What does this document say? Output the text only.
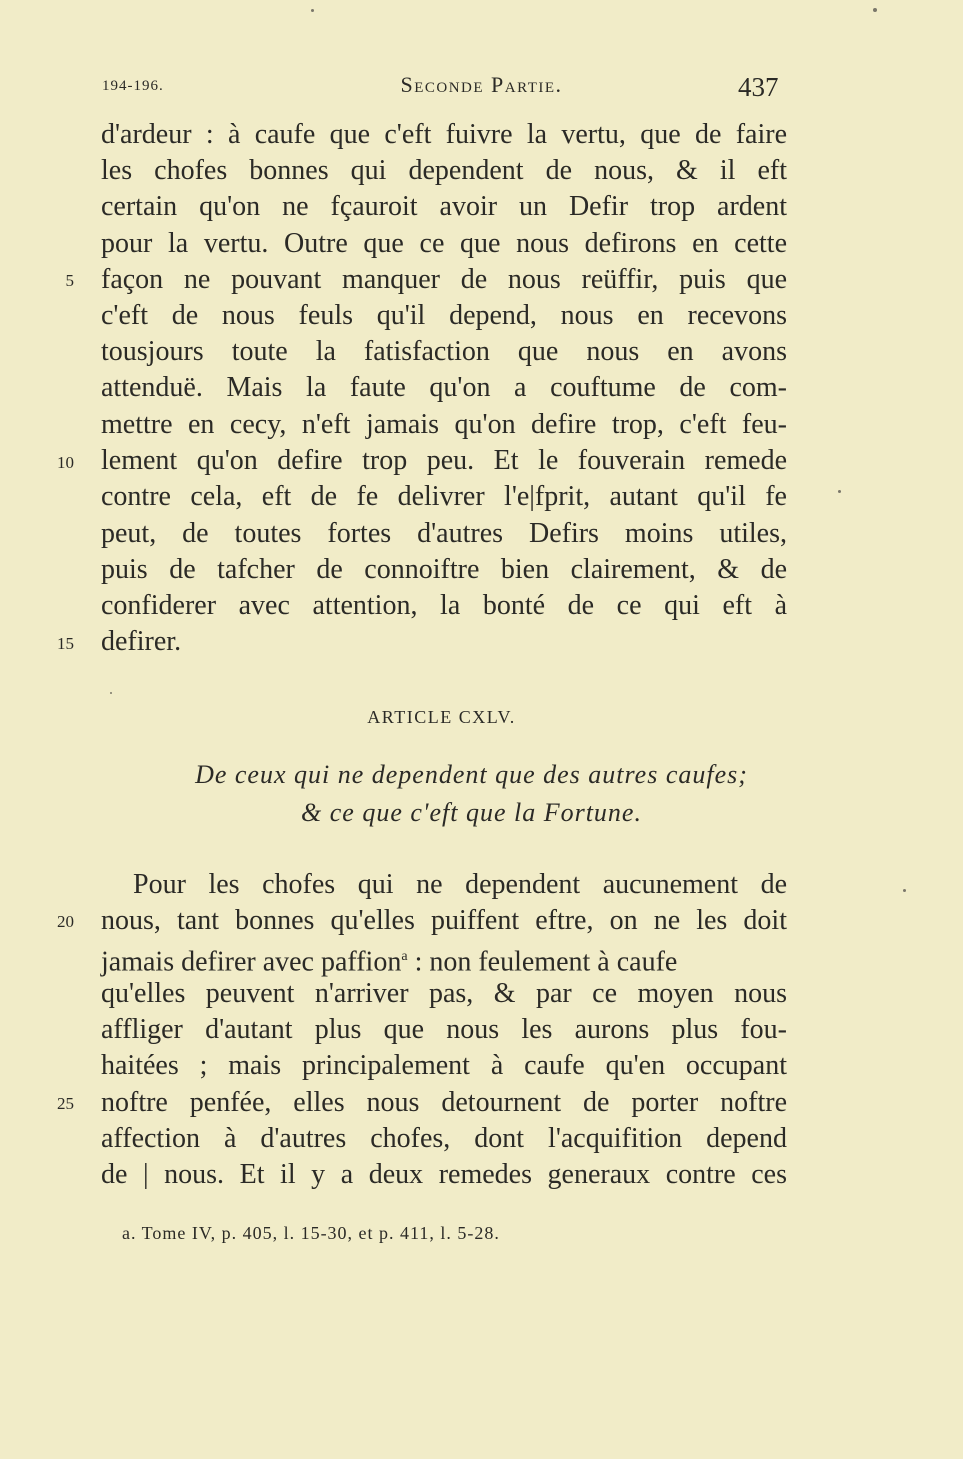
194-196.	Seconde Partie.	437
d'ardeur : à caufe que c'eft fuivre la vertu, que de faire
les chofes bonnes qui dependent de nous, & il eft
certain qu'on ne fçauroit avoir un Defir trop ardent
pour la vertu. Outre que ce que nous defirons en cette
façon ne pouvant manquer de nous reüffir, puis que
c'eft de nous feuls qu'il depend, nous en recevons
tousjours toute la fatisfaction que nous en avons
attenduë. Mais la faute qu'on a couftume de com-
mettre en cecy, n'eft jamais qu'on defire trop, c'eft feu-
lement qu'on defire trop peu. Et le fouverain remede
contre cela, eft de fe delivrer l'e|fprit, autant qu'il fe
peut, de toutes fortes d'autres Defirs moins utiles,
puis de tafcher de connoiftre bien clairement, & de
confiderer avec attention, la bonté de ce qui eft à
defirer.
ARTICLE CXLV.
De ceux qui ne dependent que des autres caufes;
& ce que c'eft que la Fortune.
Pour les chofes qui ne dependent aucunement de
nous, tant bonnes qu'elles puiffent eftre, on ne les doit
jamais defirer avec paffion$^a$ : non feulement à caufe
qu'elles peuvent n'arriver pas, & par ce moyen nous
affliger d'autant plus que nous les aurons plus fou-
haitées ; mais principalement à caufe qu'en occupant
noftre penfée, elles nous detournent de porter noftre
affection à d'autres chofes, dont l'acquifition depend
de | nous. Et il y a deux remedes generaux contre ces
5
10
15
20
25
a. Tome IV, p. 405, l. 15-30, et p. 411, l. 5-28.
